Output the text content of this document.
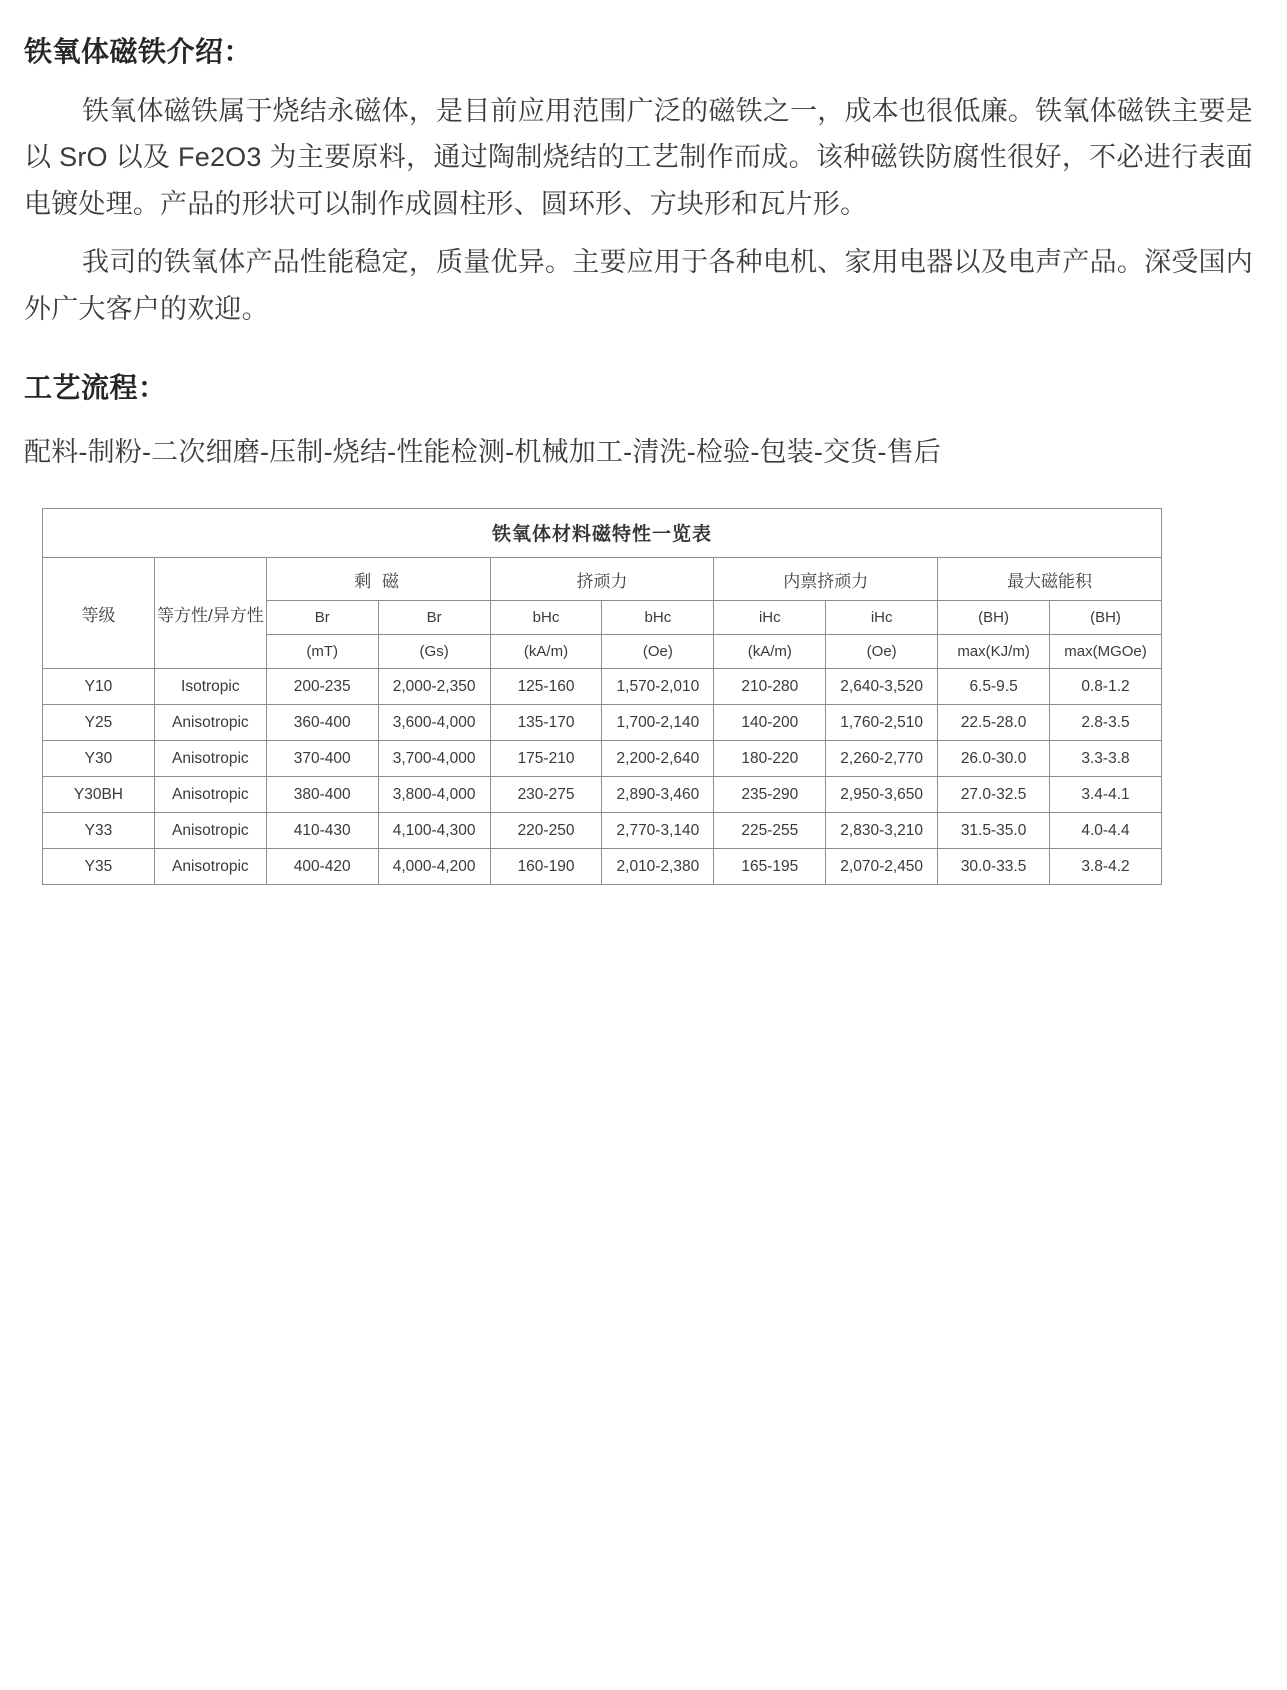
铁氧体磁铁介绍：

铁氧体磁铁属于烧结永磁体，是目前应用范围广泛的磁铁之一，成本也很低廉。铁氧体磁铁主要是以 SrO 以及 Fe2O3 为主要原料，通过陶制烧结的工艺制作而成。该种磁铁防腐性很好，不必进行表面电镀处理。产品的形状可以制作成圆柱形、圆环形、方块形和瓦片形。

我司的铁氧体产品性能稳定，质量优异。主要应用于各种电机、家用电器以及电声产品。深受国内外广大客户的欢迎。

工艺流程：

配料-制粉-二次细磨-压制-烧结-性能检测-机械加工-清洗-检验-包装-交货-售后

铁氧体材料磁特性一览表									
等级	等方性/异方性	剩 磁		挤顽力		内禀挤顽力		最大磁能积	
		Br	Br	bHc	bHc	iHc	iHc	(BH)	(BH)
		(mT)	(Gs)	(kA/m)	(Oe)	(kA/m)	(Oe)	max(KJ/m)	max(MGOe)
Y10	Isotropic	200-235	2,000-2,350	125-160	1,570-2,010	210-280	2,640-3,520	6.5-9.5	0.8-1.2
Y25	Anisotropic	360-400	3,600-4,000	135-170	1,700-2,140	140-200	1,760-2,510	22.5-28.0	2.8-3.5
Y30	Anisotropic	370-400	3,700-4,000	175-210	2,200-2,640	180-220	2,260-2,770	26.0-30.0	3.3-3.8
Y30BH	Anisotropic	380-400	3,800-4,000	230-275	2,890-3,460	235-290	2,950-3,650	27.0-32.5	3.4-4.1
Y33	Anisotropic	410-430	4,100-4,300	220-250	2,770-3,140	225-255	2,830-3,210	31.5-35.0	4.0-4.4
Y35	Anisotropic	400-420	4,000-4,200	160-190	2,010-2,380	165-195	2,070-2,450	30.0-33.5	3.8-4.2
